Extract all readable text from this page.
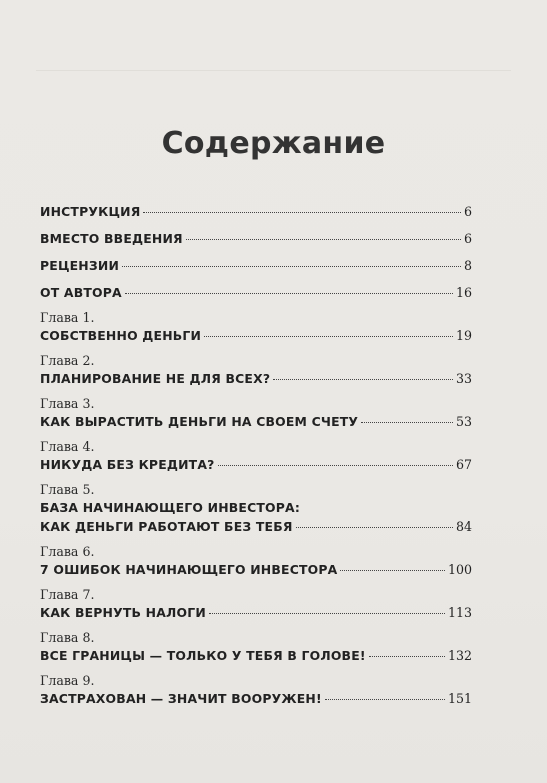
Содержание
ИНСТРУКЦИЯ	6
ВМЕСТО ВВЕДЕНИЯ	6
РЕЦЕНЗИИ	8
ОТ АВТОРА	16
Глава 1.
СОБСТВЕННО ДЕНЬГИ	19
Глава 2.
ПЛАНИРОВАНИЕ НЕ ДЛЯ ВСЕХ?	33
Глава 3.
КАК ВЫРАСТИТЬ ДЕНЬГИ НА СВОЕМ СЧЕТУ	53
Глава 4.
НИКУДА БЕЗ КРЕДИТА?	67
Глава 5.
БАЗА НАЧИНАЮЩЕГО ИНВЕСТОРА:
КАК ДЕНЬГИ РАБОТАЮТ БЕЗ ТЕБЯ	84
Глава 6.
7 ОШИБОК НАЧИНАЮЩЕГО ИНВЕСТОРА	100
Глава 7.
КАК ВЕРНУТЬ НАЛОГИ	113
Глава 8.
ВСЕ ГРАНИЦЫ — ТОЛЬКО У ТЕБЯ В ГОЛОВЕ!	132
Глава 9.
ЗАСТРАХОВАН — ЗНАЧИТ ВООРУЖЕН!	151
